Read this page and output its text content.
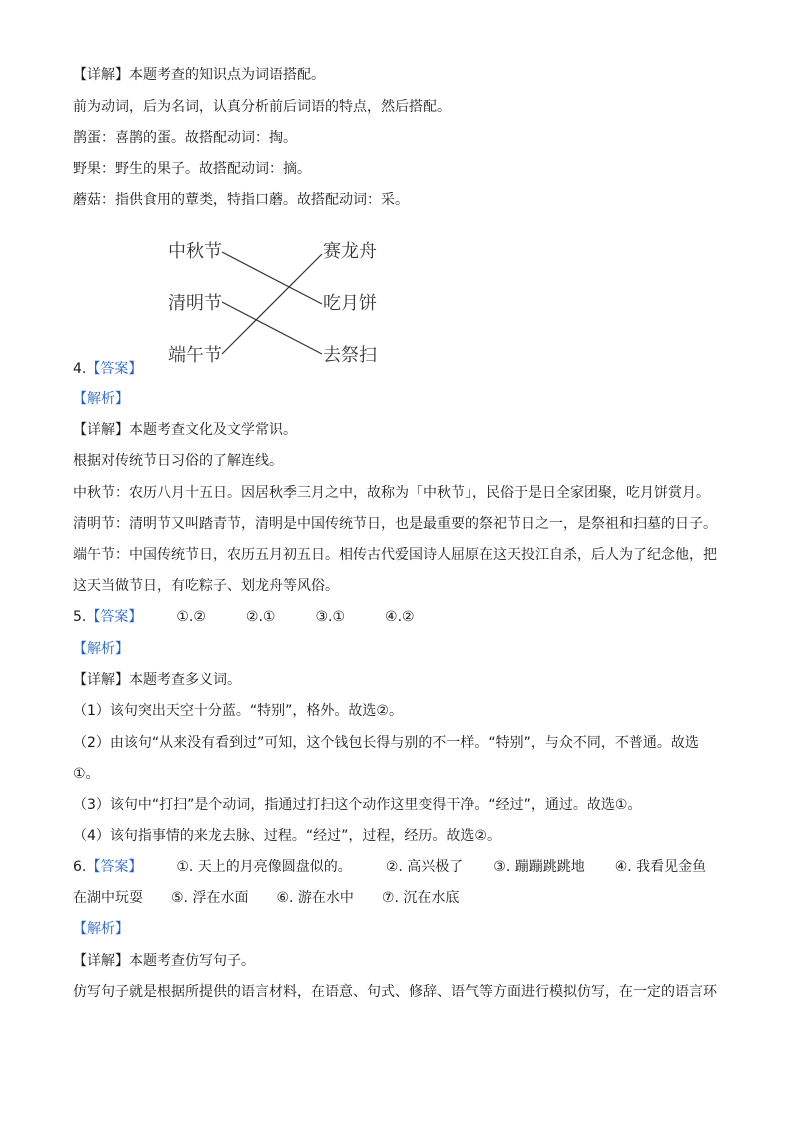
【详解】本题考查的知识点为词语搭配。
前为动词，后为名词，认真分析前后词语的特点，然后搭配。
鹊蛋：喜鹊的蛋。故搭配动词：掏。
野果：野生的果子。故搭配动词：摘。
蘑菇：指供食用的蕈类，特指口蘑。故搭配动词：采。
中秋节
清明节
端午节
赛龙舟
吃月饼
去祭扫
4.【答案】
【解析】
【详解】本题考查文化及文学常识。
根据对传统节日习俗的了解连线。
中秋节：农历八月十五日。因居秋季三月之中，故称为「中秋节」，民俗于是日全家团聚，吃月饼赏月。
清明节：清明节又叫踏青节，清明是中国传统节日，也是最重要的祭祀节日之一，是祭祖和扫墓的日子。
端午节：中国传统节日，农历五月初五日。相传古代爱国诗人屈原在这天投江自杀，后人为了纪念他，把
这天当做节日，有吃粽子、划龙舟等风俗。
5.【答案】 ①.②	②.①	③.①	④.②
【解析】
【详解】本题考查多义词。
（1）该句突出天空十分蓝。“特别”，格外。故选②。
（2）由该句“从来没有看到过”可知，这个钱包长得与别的不一样。“特别”，与众不同，不普通。故选
①。
（3）该句中“打扫”是个动词，指通过打扫这个动作这里变得干净。“经过”，通过。故选①。
（4）该句指事情的来龙去脉、过程。“经过”，过程，经历。故选②。
6.【答案】 ①. 天上的月亮像圆盘似的。 ②. 高兴极了 ③. 蹦蹦跳跳地 ④. 我看见金鱼
在湖中玩耍 ⑤. 浮在水面 ⑥. 游在水中 ⑦. 沉在水底
【解析】
【详解】本题考查仿写句子。
仿写句子就是根据所提供的语言材料，在语意、句式、修辞、语气等方面进行模拟仿写，在一定的语言环
